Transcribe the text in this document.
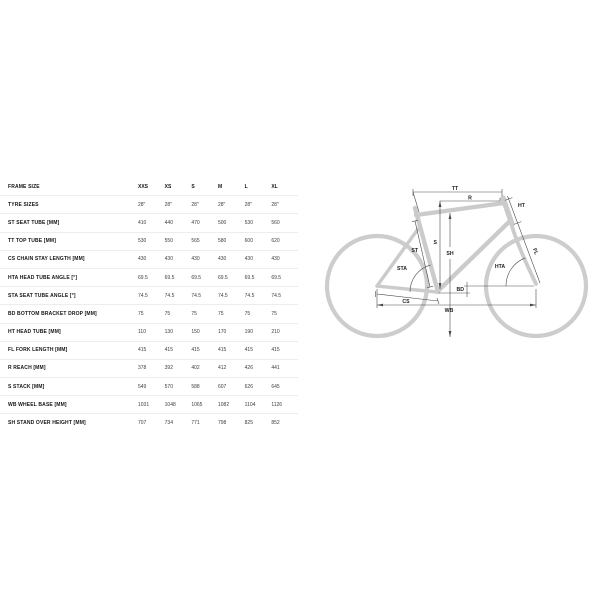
FRAME SIZE	XXS	XS	S	M	L	XL
TYRE SIZES	28"	28"	28"	28"	28"	28"
ST SEAT TUBE [MM]	410	440	470	500	530	560
TT TOP TUBE [MM]	530	550	565	580	600	620
CS CHAIN STAY LENGTH [MM]	430	430	430	430	430	430
HTA HEAD TUBE ANGLE [°]	69.5	69.5	69.5	69.5	69.5	69.5
STA SEAT TUBE ANGLE [°]	74.5	74.5	74.5	74.5	74.5	74.5
BD BOTTOM BRACKET DROP [MM]	75	75	75	75	75	75
HT HEAD TUBE [MM]	110	130	150	170	190	210
FL FORK LENGTH [MM]	415	415	415	415	415	415
R REACH [MM]	378	392	402	412	426	441
S STACK [MM]	549	570	588	607	626	645
WB WHEEL BASE [MM]	1031	1048	1065	1082	1104	1126
SH STAND OVER HEIGHT [MM]	707	734	771	798	825	852
TT
R
HT
S
SH
ST
STA	HTA
FL
BD
CS
WB
